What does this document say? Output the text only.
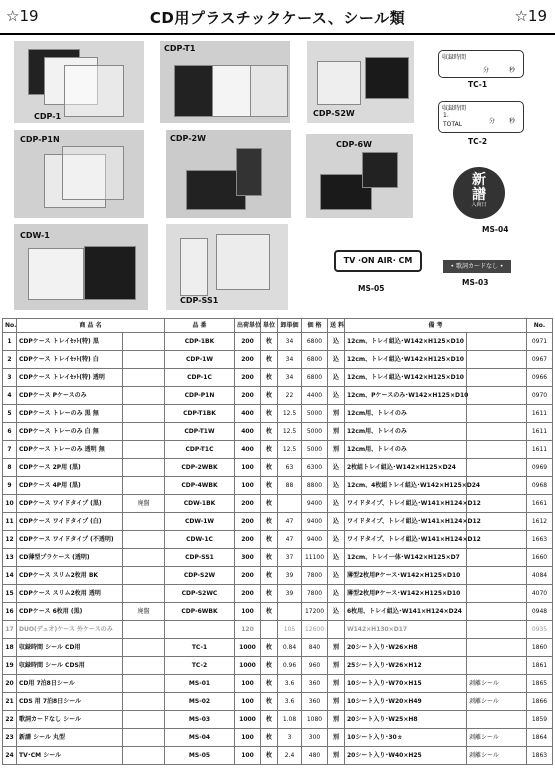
☆19	CD用プラスチックケース、シール類	☆19
CDP-1
CDP-T1
CDP-S2W
収録時間
分	秒
TC-1
収録時間
1.
TOTAL	分 秒
TC-2
CDP-P1N	CDP-2W
CDP-6W
新
譜
入荷日
MS-04
CDW-1
CDP-SS1
TV ·ON AIR· CM
MS-05
• 歌詞カードなし •
MS-03
No.	商 品 名		品 番	出荷単位	単位	卸単価	価 格	送 料	備 考		No.
1	CDPケース トレイｾｯﾄ(特) 黒		CDP-1BK	200	枚	34	6800	込	12cm、トレイ組込･W142×H125×D10		0971
2	CDPケース トレイｾｯﾄ(特) 白		CDP-1W	200	枚	34	6800	込	12cm、トレイ組込･W142×H125×D10		0967
3	CDPケース トレイｾｯﾄ(特) 透明		CDP-1C	200	枚	34	6800	込	12cm、トレイ組込･W142×H125×D10		0966
4	CDPケース Pケースのみ		CDP-P1N	200	枚	22	4400	込	12cm、Pケースのみ･W142×H125×D10		0970
5	CDPケース トレーのみ 黒 無		CDP-T1BK	400	枚	12.5	5000	別	12cm用、トレイのみ		1611
6	CDPケース トレーのみ 白 無		CDP-T1W	400	枚	12.5	5000	別	12cm用、トレイのみ		1611
7	CDPケース トレーのみ 透明 無		CDP-T1C	400	枚	12.5	5000	別	12cm用、トレイのみ		1611
8	CDPケース 2P用 (黒)		CDP-2WBK	100	枚	63	6300	込	2枚組トレイ組込･W142×H125×D24		0969
9	CDPケース 4P用 (黒)		CDP-4WBK	100	枚	88	8800	込	12cm、4枚組トレイ組込･W142×H125×D24		0968
10	CDPケース ワイドタイプ (黒)	廃盤	CDW-1BK	200	枚		9400	込	ワイドタイプ、トレイ組込･W141×H124×D12		1661
11	CDPケース ワイドタイプ (白)		CDW-1W	200	枚	47	9400	込	ワイドタイプ、トレイ組込･W141×H124×D12		1612
12	CDPケース ワイドタイプ (不透明)		CDW-1C	200	枚	47	9400	込	ワイドタイプ、トレイ組込･W141×H124×D12		1663
13	CD薄型プラケース (透明)		CDP-SS1	300	枚	37	11100	込	12cm、トレイ一体･W142×H125×D7		1660
14	CDPケース スリム2枚用 BK		CDP-S2W	200	枚	39	7800	込	薄型2枚用Pケース･W142×H125×D10		4084
15	CDPケース スリム2枚用 透明		CDP-S2WC	200	枚	39	7800	込	薄型2枚用Pケース･W142×H125×D10		4070
16	CDPケース 6枚用 (黒)	廃盤	CDP-6WBK	100	枚		17200	込	6枚用、トレイ組込･W141×H124×D24		0948
17	DUO(デュオ)ケース 外ケースのみ			120		105	12600		W142×H130×D17		0935
18	収録時間 シール CD用		TC-1	1000	枚	0.84	840	別	20シート入り･W26×H8		1860
19	収録時間 シール CDS用		TC-2	1000	枚	0.96	960	別	25シート入り･W26×H12		1861
20	CD用 7泊8日シール		MS-01	100	枚	3.6	360	別	10シート入り･W70×H15	剥離シール	1865
21	CDS 用 7泊8日シール		MS-02	100	枚	3.6	360	別	10シート入り･W20×H49	剥離シール	1866
22	歌詞カードなし シール		MS-03	1000	枚	1.08	1080	別	20シート入り･W25×H8		1859
23	新譜 シール 丸型		MS-04	100	枚	3	300	別	10シート入り･30ヵ	剥離シール	1864
24	TV･CM シール		MS-05	100	枚	2.4	480	別	20シート入り･W40×H25	剥離シール	1863
